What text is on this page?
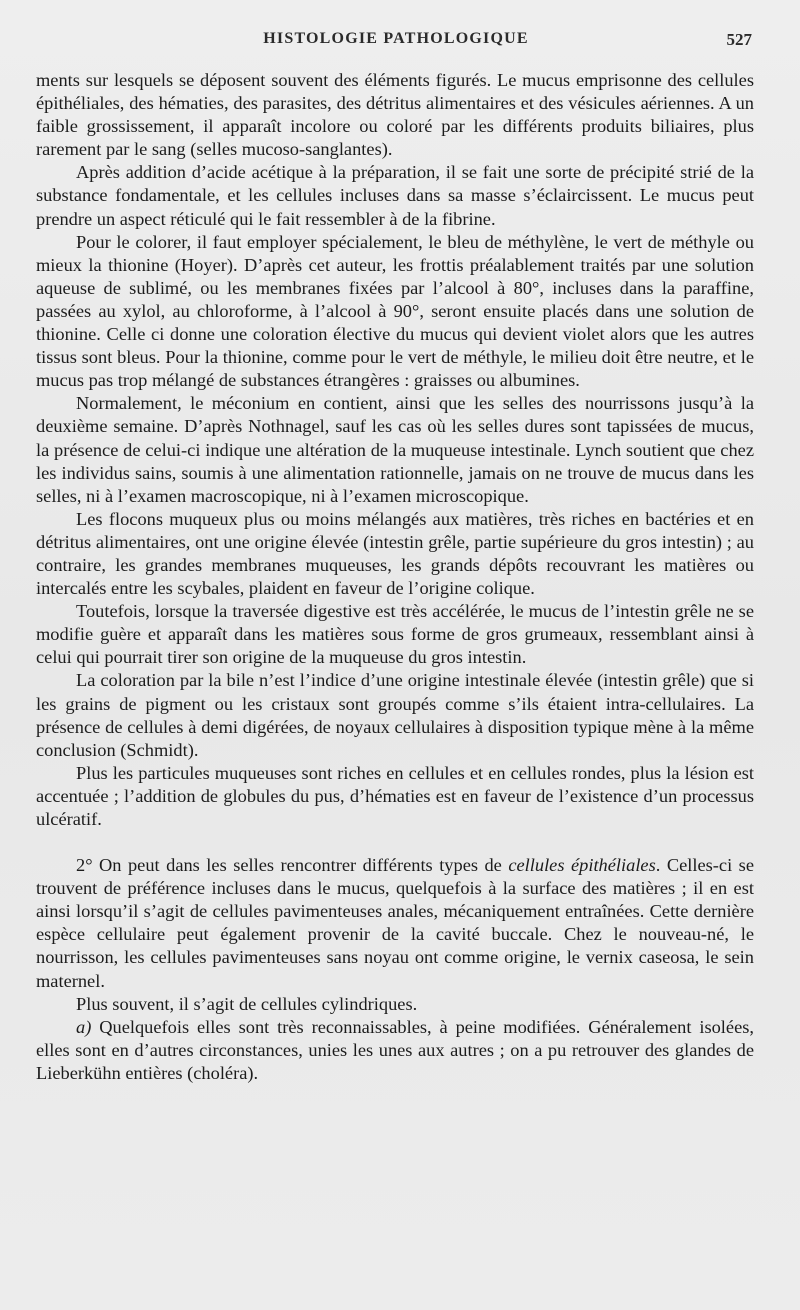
HISTOLOGIE PATHOLOGIQUE	527

ments sur lesquels se déposent souvent des éléments figurés. Le mucus emprisonne des cellules épithéliales, des hématies, des parasites, des détritus alimentaires et des vésicules aériennes. A un faible grossissement, il apparaît incolore ou coloré par les différents produits biliaires, plus rarement par le sang (selles mucoso-sanglantes).

Après addition d’acide acétique à la préparation, il se fait une sorte de précipité strié de la substance fondamentale, et les cellules incluses dans sa masse s’éclaircissent. Le mucus peut prendre un aspect réticulé qui le fait ressembler à de la fibrine.

Pour le colorer, il faut employer spécialement, le bleu de méthylène, le vert de méthyle ou mieux la thionine (Hoyer). D’après cet auteur, les frottis préalablement traités par une solution aqueuse de sublimé, ou les membranes fixées par l’alcool à 80°, incluses dans la paraffine, passées au xylol, au chloroforme, à l’alcool à 90°, seront ensuite placés dans une solution de thionine. Celle ci donne une coloration élective du mucus qui devient violet alors que les autres tissus sont bleus. Pour la thionine, comme pour le vert de méthyle, le milieu doit être neutre, et le mucus pas trop mélangé de substances étrangères : graisses ou albumines.

Normalement, le méconium en contient, ainsi que les selles des nourrissons jusqu’à la deuxième semaine. D’après Nothnagel, sauf les cas où les selles dures sont tapissées de mucus, la présence de celui-ci indique une altération de la muqueuse intestinale. Lynch soutient que chez les individus sains, soumis à une alimentation rationnelle, jamais on ne trouve de mucus dans les selles, ni à l’examen macroscopique, ni à l’examen microscopique.

Les flocons muqueux plus ou moins mélangés aux matières, très riches en bactéries et en détritus alimentaires, ont une origine élevée (intestin grêle, partie supérieure du gros intestin) ; au contraire, les grandes membranes muqueuses, les grands dépôts recouvrant les matières ou intercalés entre les scybales, plaident en faveur de l’origine colique.

Toutefois, lorsque la traversée digestive est très accélérée, le mucus de l’intestin grêle ne se modifie guère et apparaît dans les matières sous forme de gros grumeaux, ressemblant ainsi à celui qui pourrait tirer son origine de la muqueuse du gros intestin.

La coloration par la bile n’est l’indice d’une origine intestinale élevée (intestin grêle) que si les grains de pigment ou les cristaux sont groupés comme s’ils étaient intra-cellulaires. La présence de cellules à demi digérées, de noyaux cellulaires à disposition typique mène à la même conclusion (Schmidt).

Plus les particules muqueuses sont riches en cellules et en cellules rondes, plus la lésion est accentuée ; l’addition de globules du pus, d’hématies est en faveur de l’existence d’un processus ulcératif.

2° On peut dans les selles rencontrer différents types de cellules épithéliales. Celles-ci se trouvent de préférence incluses dans le mucus, quelquefois à la surface des matières ; il en est ainsi lorsqu’il s’agit de cellules pavimenteuses anales, mécaniquement entraînées. Cette dernière espèce cellulaire peut également provenir de la cavité buccale. Chez le nouveau-né, le nourrisson, les cellules pavimenteuses sans noyau ont comme origine, le vernix caseosa, le sein maternel.

Plus souvent, il s’agit de cellules cylindriques.

a) Quelquefois elles sont très reconnaissables, à peine modifiées. Généralement isolées, elles sont en d’autres circonstances, unies les unes aux autres ; on a pu retrouver des glandes de Lieberkühn entières (choléra).
